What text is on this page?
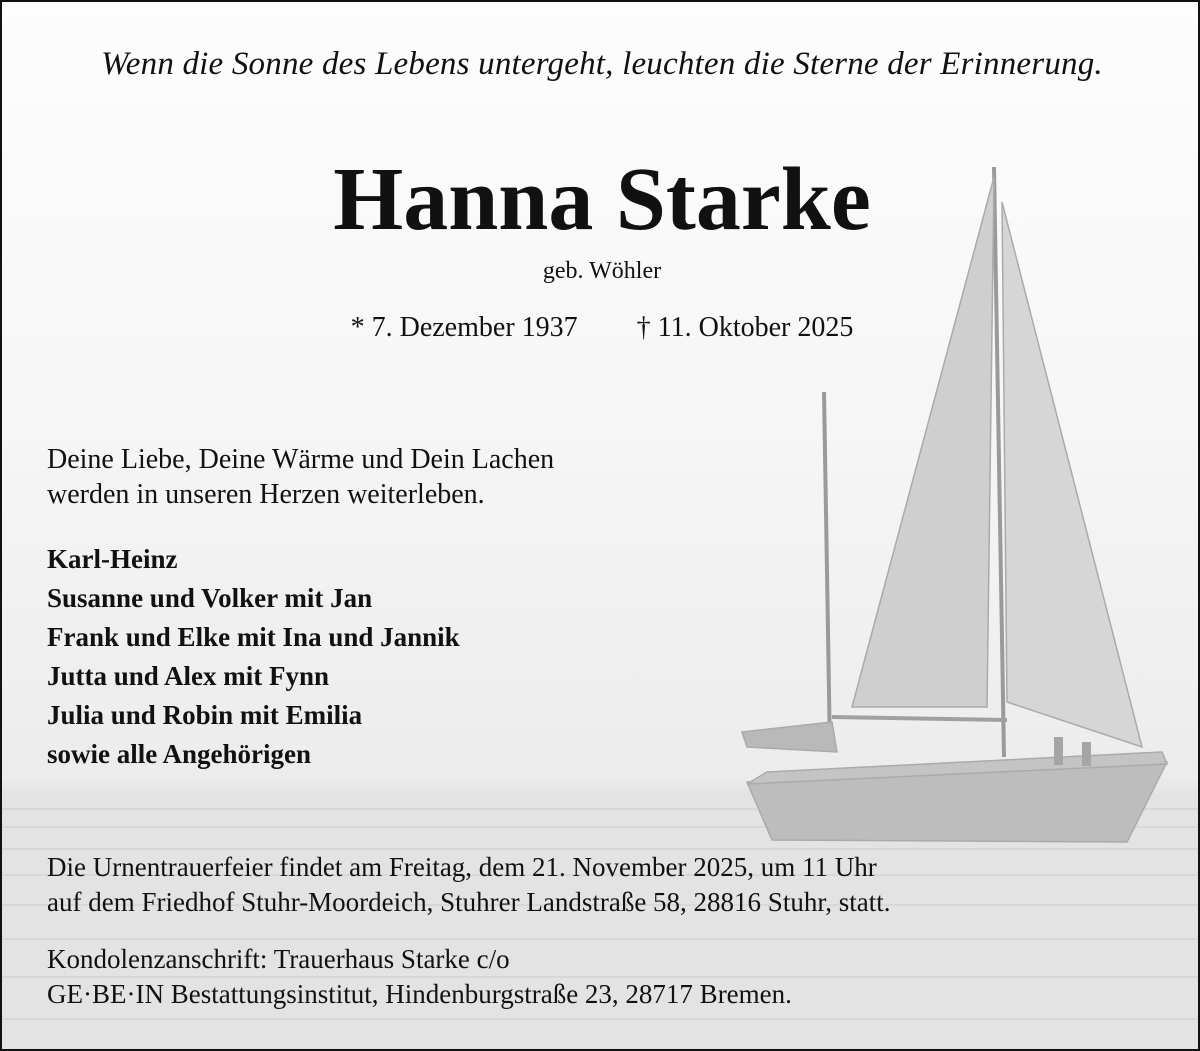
Wenn die Sonne des Lebens untergeht, leuchten die Sterne der Erinnerung.
Hanna Starke
geb. Wöhler
* 7. Dezember 1937 † 11. Oktober 2025
Deine Liebe, Deine Wärme und Dein Lachen
werden in unseren Herzen weiterleben.
Karl-Heinz
Susanne und Volker mit Jan
Frank und Elke mit Ina und Jannik
Jutta und Alex mit Fynn
Julia und Robin mit Emilia
sowie alle Angehörigen
Die Urnentrauerfeier findet am Freitag, dem 21. November 2025, um 11 Uhr
auf dem Friedhof Stuhr-Moordeich, Stuhrer Landstraße 58, 28816 Stuhr, statt.
Kondolenzanschrift: Trauerhaus Starke c/o
GE·BE·IN Bestattungsinstitut, Hindenburgstraße 23, 28717 Bremen.
